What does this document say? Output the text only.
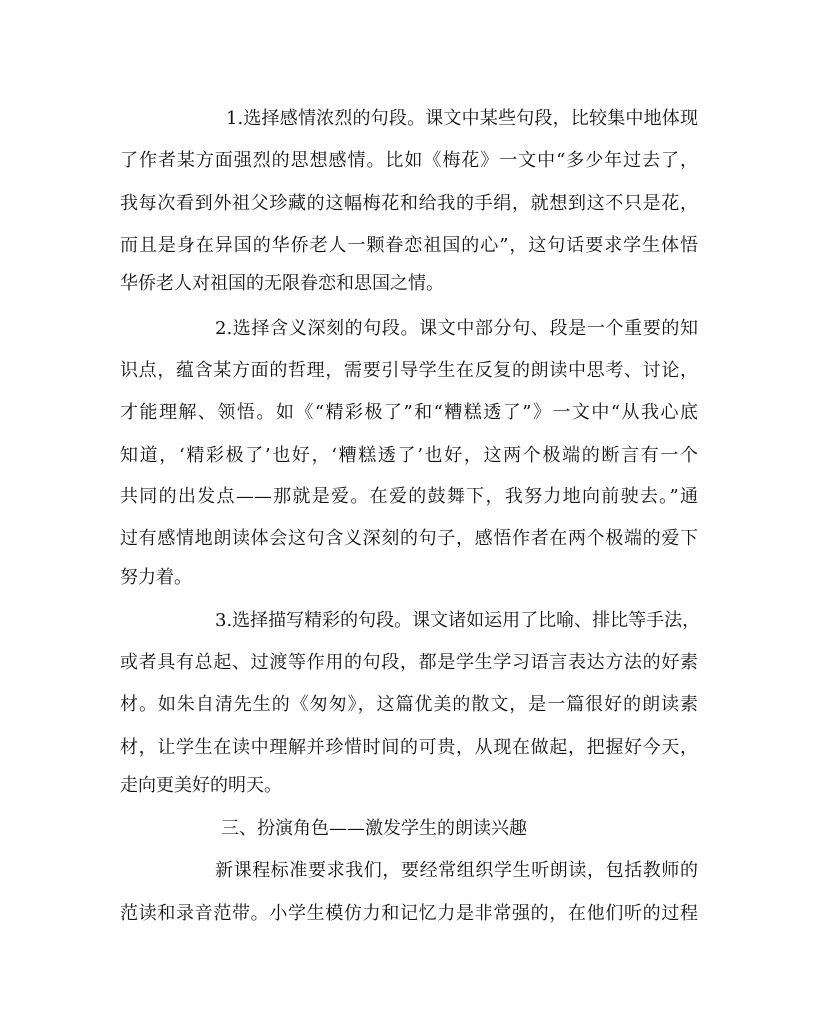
1.选择感情浓烈的句段。课文中某些句段，比较集中地体现
了作者某方面强烈的思想感情。比如《梅花》一文中“多少年过去了，
我每次看到外祖父珍藏的这幅梅花和给我的手绢，就想到这不只是花，
而且是身在异国的华侨老人一颗眷恋祖国的心”，这句话要求学生体悟
华侨老人对祖国的无限眷恋和思国之情。
2.选择含义深刻的句段。课文中部分句、段是一个重要的知
识点，蕴含某方面的哲理，需要引导学生在反复的朗读中思考、讨论，
才能理解、领悟。如《“精彩极了”和“糟糕透了”》一文中“从我心底
知道，‘精彩极了’也好，‘糟糕透了’也好，这两个极端的断言有一个
共同的出发点——那就是爱。在爱的鼓舞下，我努力地向前驶去。”通
过有感情地朗读体会这句含义深刻的句子，感悟作者在两个极端的爱下
努力着。
3.选择描写精彩的句段。课文诸如运用了比喻、排比等手法，
或者具有总起、过渡等作用的句段，都是学生学习语言表达方法的好素
材。如朱自清先生的《匆匆》，这篇优美的散文，是一篇很好的朗读素
材，让学生在读中理解并珍惜时间的可贵，从现在做起，把握好今天，
走向更美好的明天。
三、扮演角色——激发学生的朗读兴趣
新课程标准要求我们，要经常组织学生听朗读，包括教师的
范读和录音范带。小学生模仿力和记忆力是非常强的，在他们听的过程
